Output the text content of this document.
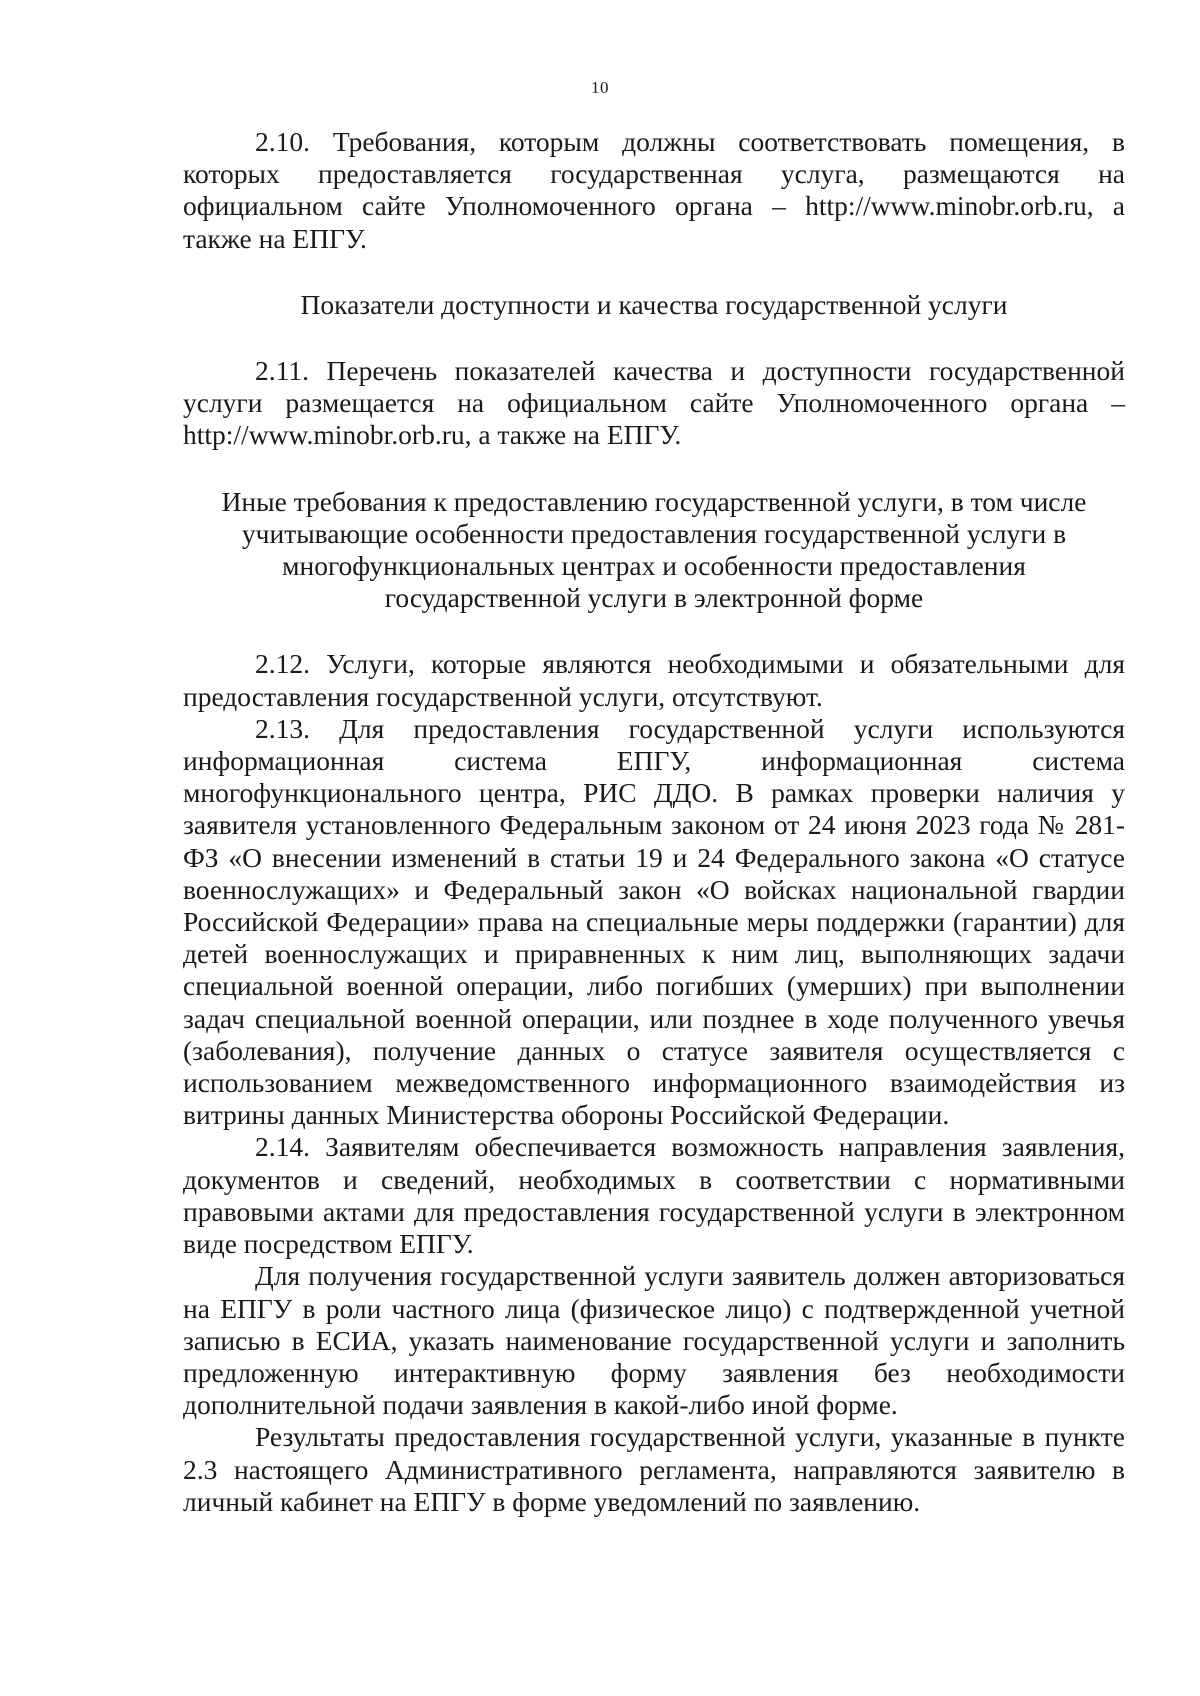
10

2.10. Требования, которым должны соответствовать помещения, в которых предоставляется государственная услуга, размещаются на официальном сайте Уполномоченного органа – http://www.minobr.orb.ru, а также на ЕПГУ.

Показатели доступности и качества государственной услуги

2.11. Перечень показателей качества и доступности государственной услуги размещается на официальном сайте Уполномоченного органа – http://www.minobr.orb.ru, а также на ЕПГУ.

Иные требования к предоставлению государственной услуги, в том числе учитывающие особенности предоставления государственной услуги в многофункциональных центрах и особенности предоставления государственной услуги в электронной форме

2.12. Услуги, которые являются необходимыми и обязательными для предоставления государственной услуги, отсутствуют.

2.13. Для предоставления государственной услуги используются информационная система ЕПГУ, информационная система многофункционального центра, РИС ДДО. В рамках проверки наличия у заявителя установленного Федеральным законом от 24 июня 2023 года № 281-ФЗ «О внесении изменений в статьи 19 и 24 Федерального закона «О статусе военнослужащих» и Федеральный закон «О войсках национальной гвардии Российской Федерации» права на специальные меры поддержки (гарантии) для детей военнослужащих и приравненных к ним лиц, выполняющих задачи специальной военной операции, либо погибших (умерших) при выполнении задач специальной военной операции, или позднее в ходе полученного увечья (заболевания), получение данных о статусе заявителя осуществляется с использованием межведомственного информационного взаимодействия из витрины данных Министерства обороны Российской Федерации.

2.14. Заявителям обеспечивается возможность направления заявления, документов и сведений, необходимых в соответствии с нормативными правовыми актами для предоставления государственной услуги в электронном виде посредством ЕПГУ.

Для получения государственной услуги заявитель должен авторизоваться на ЕПГУ в роли частного лица (физическое лицо) с подтвержденной учетной записью в ЕСИА, указать наименование государственной услуги и заполнить предложенную интерактивную форму заявления без необходимости дополнительной подачи заявления в какой-либо иной форме.

Результаты предоставления государственной услуги, указанные в пункте 2.3 настоящего Административного регламента, направляются заявителю в личный кабинет на ЕПГУ в форме уведомлений по заявлению.
